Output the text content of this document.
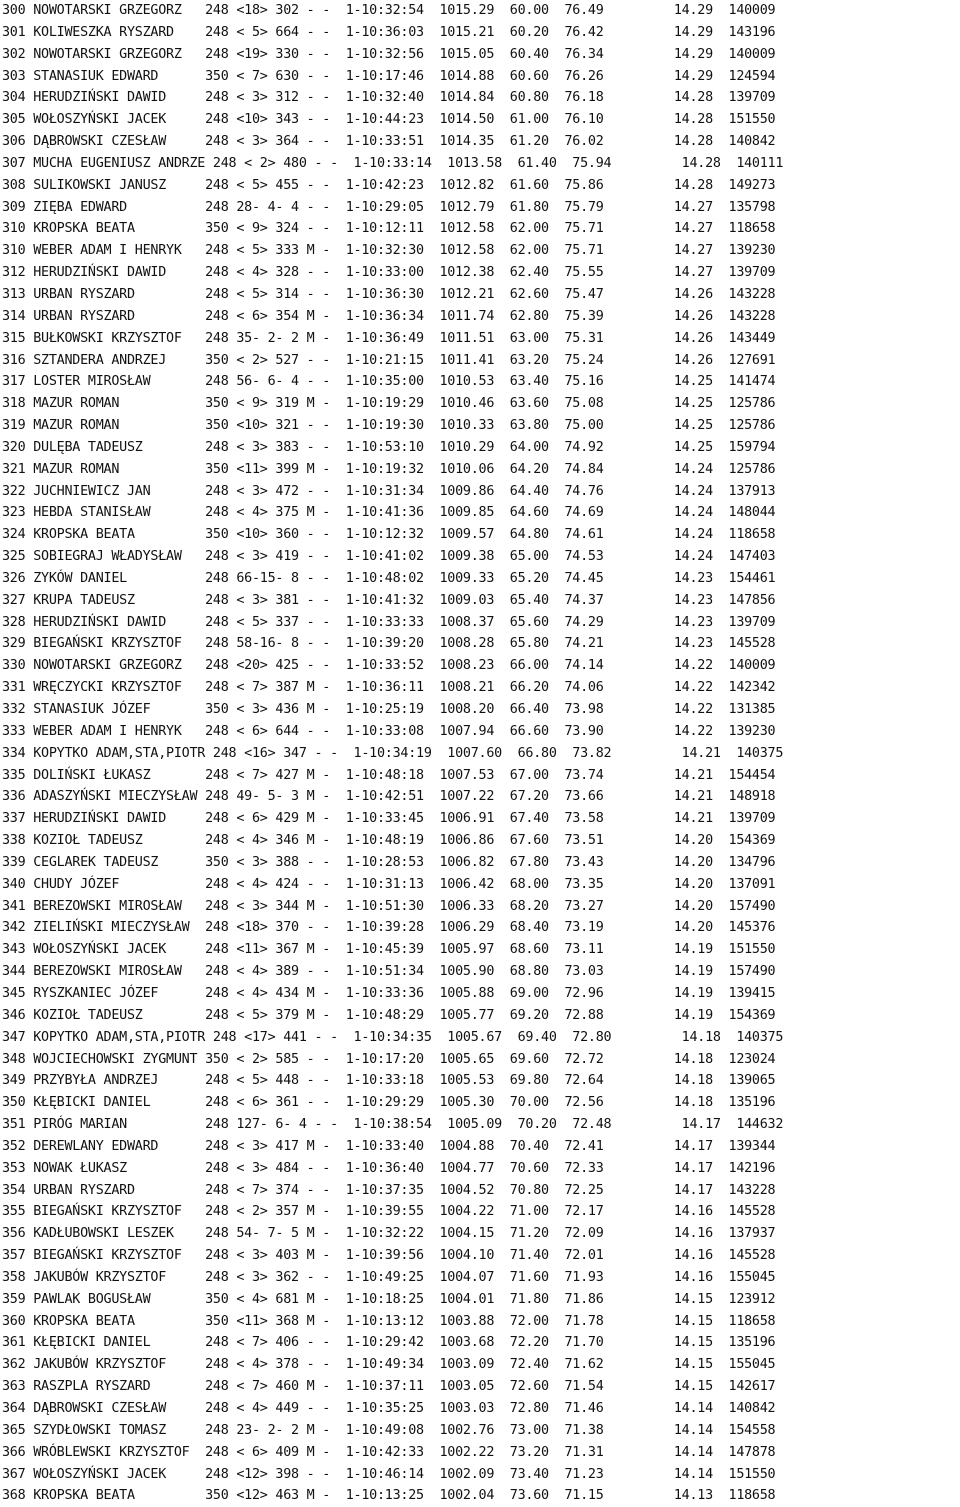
300 NOWOTARSKI GRZEGORZ   248 <18> 302 - -  1-10:32:54  1015.29  60.00  76.49         14.29  140009
301 KOLIWESZKA RYSZARD    248 < 5> 664 - -  1-10:36:03  1015.21  60.20  76.42         14.29  143196
302 NOWOTARSKI GRZEGORZ   248 <19> 330 - -  1-10:32:56  1015.05  60.40  76.34         14.29  140009
303 STANASIUK EDWARD      350 < 7> 630 - -  1-10:17:46  1014.88  60.60  76.26         14.29  124594
304 HERUDZIŃSKI DAWID     248 < 3> 312 - -  1-10:32:40  1014.84  60.80  76.18         14.28  139709
305 WOŁOSZYŃSKI JACEK     248 <10> 343 - -  1-10:44:23  1014.50  61.00  76.10         14.28  151550
306 DĄBROWSKI CZESŁAW     248 < 3> 364 - -  1-10:33:51  1014.35  61.20  76.02         14.28  140842
307 MUCHA EUGENIUSZ ANDRZE 248 < 2> 480 - -  1-10:33:14  1013.58  61.40  75.94         14.28  140111
308 SULIKOWSKI JANUSZ     248 < 5> 455 - -  1-10:42:23  1012.82  61.60  75.86         14.28  149273
309 ZIĘBA EDWARD          248 28- 4- 4 - -  1-10:29:05  1012.79  61.80  75.79         14.27  135798
310 KROPSKA BEATA         350 < 9> 324 - -  1-10:12:11  1012.58  62.00  75.71         14.27  118658
310 WEBER ADAM I HENRYK   248 < 5> 333 M -  1-10:32:30  1012.58  62.00  75.71         14.27  139230
312 HERUDZIŃSKI DAWID     248 < 4> 328 - -  1-10:33:00  1012.38  62.40  75.55         14.27  139709
313 URBAN RYSZARD         248 < 5> 314 - -  1-10:36:30  1012.21  62.60  75.47         14.26  143228
314 URBAN RYSZARD         248 < 6> 354 M -  1-10:36:34  1011.74  62.80  75.39         14.26  143228
315 BUŁKOWSKI KRZYSZTOF   248 35- 2- 2 M -  1-10:36:49  1011.51  63.00  75.31         14.26  143449
316 SZTANDERA ANDRZEJ     350 < 2> 527 - -  1-10:21:15  1011.41  63.20  75.24         14.26  127691
317 LOSTER MIROSŁAW       248 56- 6- 4 - -  1-10:35:00  1010.53  63.40  75.16         14.25  141474
318 MAZUR ROMAN           350 < 9> 319 M -  1-10:19:29  1010.46  63.60  75.08         14.25  125786
319 MAZUR ROMAN           350 <10> 321 - -  1-10:19:30  1010.33  63.80  75.00         14.25  125786
320 DULĘBA TADEUSZ        248 < 3> 383 - -  1-10:53:10  1010.29  64.00  74.92         14.25  159794
321 MAZUR ROMAN           350 <11> 399 M -  1-10:19:32  1010.06  64.20  74.84         14.24  125786
322 JUCHNIEWICZ JAN       248 < 3> 472 - -  1-10:31:34  1009.86  64.40  74.76         14.24  137913
323 HEBDA STANISŁAW       248 < 4> 375 M -  1-10:41:36  1009.85  64.60  74.69         14.24  148044
324 KROPSKA BEATA         350 <10> 360 - -  1-10:12:32  1009.57  64.80  74.61         14.24  118658
325 SOBIEGRAJ WŁADYSŁAW   248 < 3> 419 - -  1-10:41:02  1009.38  65.00  74.53         14.24  147403
326 ZYKÓW DANIEL          248 66-15- 8 - -  1-10:48:02  1009.33  65.20  74.45         14.23  154461
327 KRUPA TADEUSZ         248 < 3> 381 - -  1-10:41:32  1009.03  65.40  74.37         14.23  147856
328 HERUDZIŃSKI DAWID     248 < 5> 337 - -  1-10:33:33  1008.37  65.60  74.29         14.23  139709
329 BIEGAŃSKI KRZYSZTOF   248 58-16- 8 - -  1-10:39:20  1008.28  65.80  74.21         14.23  145528
330 NOWOTARSKI GRZEGORZ   248 <20> 425 - -  1-10:33:52  1008.23  66.00  74.14         14.22  140009
331 WRĘCZYCKI KRZYSZTOF   248 < 7> 387 M -  1-10:36:11  1008.21  66.20  74.06         14.22  142342
332 STANASIUK JÓZEF       350 < 3> 436 M -  1-10:25:19  1008.20  66.40  73.98         14.22  131385
333 WEBER ADAM I HENRYK   248 < 6> 644 - -  1-10:33:08  1007.94  66.60  73.90         14.22  139230
334 KOPYTKO ADAM,STA,PIOTR 248 <16> 347 - -  1-10:34:19  1007.60  66.80  73.82         14.21  140375
335 DOLIŃSKI ŁUKASZ       248 < 7> 427 M -  1-10:48:18  1007.53  67.00  73.74         14.21  154454
336 ADASZYŃSKI MIECZYSŁAW 248 49- 5- 3 M -  1-10:42:51  1007.22  67.20  73.66         14.21  148918
337 HERUDZIŃSKI DAWID     248 < 6> 429 M -  1-10:33:45  1006.91  67.40  73.58         14.21  139709
338 KOZIOŁ TADEUSZ        248 < 4> 346 M -  1-10:48:19  1006.86  67.60  73.51         14.20  154369
339 CEGLAREK TADEUSZ      350 < 3> 388 - -  1-10:28:53  1006.82  67.80  73.43         14.20  134796
340 CHUDY JÓZEF           248 < 4> 424 - -  1-10:31:13  1006.42  68.00  73.35         14.20  137091
341 BEREZOWSKI MIROSŁAW   248 < 3> 344 M -  1-10:51:30  1006.33  68.20  73.27         14.20  157490
342 ZIELIŃSKI MIECZYSŁAW  248 <18> 370 - -  1-10:39:28  1006.29  68.40  73.19         14.20  145376
343 WOŁOSZYŃSKI JACEK     248 <11> 367 M -  1-10:45:39  1005.97  68.60  73.11         14.19  151550
344 BEREZOWSKI MIROSŁAW   248 < 4> 389 - -  1-10:51:34  1005.90  68.80  73.03         14.19  157490
345 RYSZKANIEC JÓZEF      248 < 4> 434 M -  1-10:33:36  1005.88  69.00  72.96         14.19  139415
346 KOZIOŁ TADEUSZ        248 < 5> 379 M -  1-10:48:29  1005.77  69.20  72.88         14.19  154369
347 KOPYTKO ADAM,STA,PIOTR 248 <17> 441 - -  1-10:34:35  1005.67  69.40  72.80         14.18  140375
348 WOJCIECHOWSKI ZYGMUNT 350 < 2> 585 - -  1-10:17:20  1005.65  69.60  72.72         14.18  123024
349 PRZYBYŁA ANDRZEJ      248 < 5> 448 - -  1-10:33:18  1005.53  69.80  72.64         14.18  139065
350 KŁĘBICKI DANIEL       248 < 6> 361 - -  1-10:29:29  1005.30  70.00  72.56         14.18  135196
351 PIRÓG MARIAN          248 127- 6- 4 - -  1-10:38:54  1005.09  70.20  72.48         14.17  144632
352 DEREWLANY EDWARD      248 < 3> 417 M -  1-10:33:40  1004.88  70.40  72.41         14.17  139344
353 NOWAK ŁUKASZ          248 < 3> 484 - -  1-10:36:40  1004.77  70.60  72.33         14.17  142196
354 URBAN RYSZARD         248 < 7> 374 - -  1-10:37:35  1004.52  70.80  72.25         14.17  143228
355 BIEGAŃSKI KRZYSZTOF   248 < 2> 357 M -  1-10:39:55  1004.22  71.00  72.17         14.16  145528
356 KADŁUBOWSKI LESZEK    248 54- 7- 5 M -  1-10:32:22  1004.15  71.20  72.09         14.16  137937
357 BIEGAŃSKI KRZYSZTOF   248 < 3> 403 M -  1-10:39:56  1004.10  71.40  72.01         14.16  145528
358 JAKUBÓW KRZYSZTOF     248 < 3> 362 - -  1-10:49:25  1004.07  71.60  71.93         14.16  155045
359 PAWLAK BOGUSŁAW       350 < 4> 681 M -  1-10:18:25  1004.01  71.80  71.86         14.15  123912
360 KROPSKA BEATA         350 <11> 368 M -  1-10:13:12  1003.88  72.00  71.78         14.15  118658
361 KŁĘBICKI DANIEL       248 < 7> 406 - -  1-10:29:42  1003.68  72.20  71.70         14.15  135196
362 JAKUBÓW KRZYSZTOF     248 < 4> 378 - -  1-10:49:34  1003.09  72.40  71.62         14.15  155045
363 RASZPLA RYSZARD       248 < 7> 460 M -  1-10:37:11  1003.05  72.60  71.54         14.15  142617
364 DĄBROWSKI CZESŁAW     248 < 4> 449 - -  1-10:35:25  1003.03  72.80  71.46         14.14  140842
365 SZYDŁOWSKI TOMASZ     248 23- 2- 2 M -  1-10:49:08  1002.76  73.00  71.38         14.14  154558
366 WRÓBLEWSKI KRZYSZTOF  248 < 6> 409 M -  1-10:42:33  1002.22  73.20  71.31         14.14  147878
367 WOŁOSZYŃSKI JACEK     248 <12> 398 - -  1-10:46:14  1002.09  73.40  71.23         14.14  151550
368 KROPSKA BEATA         350 <12> 463 M -  1-10:13:25  1002.04  73.60  71.15         14.13  118658
